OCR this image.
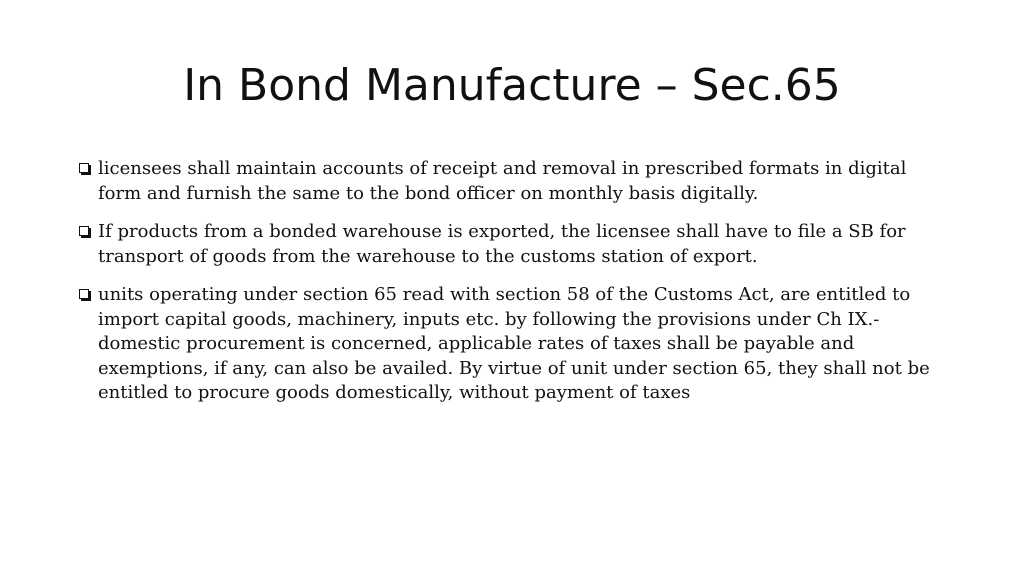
In Bond Manufacture – Sec.65
licensees shall maintain accounts of receipt and removal in prescribed formats in digital form and furnish the same to the bond officer on monthly basis digitally.
If products from a bonded warehouse is exported, the licensee shall have to file a SB for transport of goods from the warehouse to the customs station of export.
units operating under section 65 read with section 58 of the Customs Act, are entitled to import capital goods, machinery, inputs etc. by following the provisions under Ch IX.- domestic procurement is concerned, applicable rates of taxes shall be payable and exemptions, if any, can also be availed. By virtue of unit under section 65, they shall not be entitled to procure goods domestically, without payment of taxes
